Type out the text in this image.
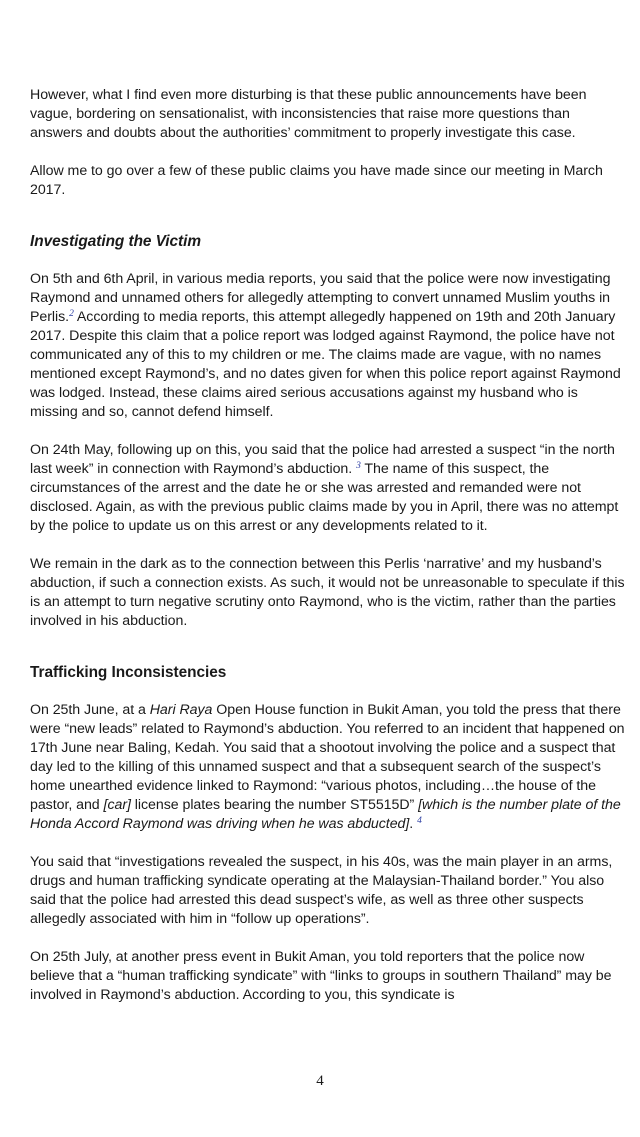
However, what I find even more disturbing is that these public announcements have been vague, bordering on sensationalist, with inconsistencies that raise more questions than answers and doubts about the authorities’ commitment to properly investigate this case.

Allow me to go over a few of these public claims you have made since our meeting in March 2017.

Investigating the Victim

On 5th and 6th April, in various media reports, you said that the police were now investigating Raymond and unnamed others for allegedly attempting to convert unnamed Muslim youths in Perlis.$^2$ According to media reports, this attempt allegedly happened on 19th and 20th January 2017. Despite this claim that a police report was lodged against Raymond, the police have not communicated any of this to my children or me. The claims made are vague, with no names mentioned except Raymond’s, and no dates given for when this police report against Raymond was lodged. Instead, these claims aired serious accusations against my husband who is missing and so, cannot defend himself.

On 24th May, following up on this, you said that the police had arrested a suspect “in the north last week” in connection with Raymond’s abduction. $^3$ The name of this suspect, the circumstances of the arrest and the date he or she was arrested and remanded were not disclosed. Again, as with the previous public claims made by you in April, there was no attempt by the police to update us on this arrest or any developments related to it.

We remain in the dark as to the connection between this Perlis ‘narrative’ and my husband’s abduction, if such a connection exists. As such, it would not be unreasonable to speculate if this is an attempt to turn negative scrutiny onto Raymond, who is the victim, rather than the parties involved in his abduction.

Trafficking Inconsistencies

On 25th June, at a Hari Raya Open House function in Bukit Aman, you told the press that there were “new leads” related to Raymond’s abduction. You referred to an incident that happened on 17th June near Baling, Kedah. You said that a shootout involving the police and a suspect that day led to the killing of this unnamed suspect and that a subsequent search of the suspect’s home unearthed evidence linked to Raymond: “various photos, including…the house of the pastor, and [car] license plates bearing the number ST5515D” [which is the number plate of the Honda Accord Raymond was driving when he was abducted]. $^4$

You said that “investigations revealed the suspect, in his 40s, was the main player in an arms, drugs and human trafficking syndicate operating at the Malaysian-Thailand border.” You also said that the police had arrested this dead suspect’s wife, as well as three other suspects allegedly associated with him in “follow up operations”.

On 25th July, at another press event in Bukit Aman, you told reporters that the police now believe that a “human trafficking syndicate” with “links to groups in southern Thailand” may be involved in Raymond’s abduction. According to you, this syndicate is

4
